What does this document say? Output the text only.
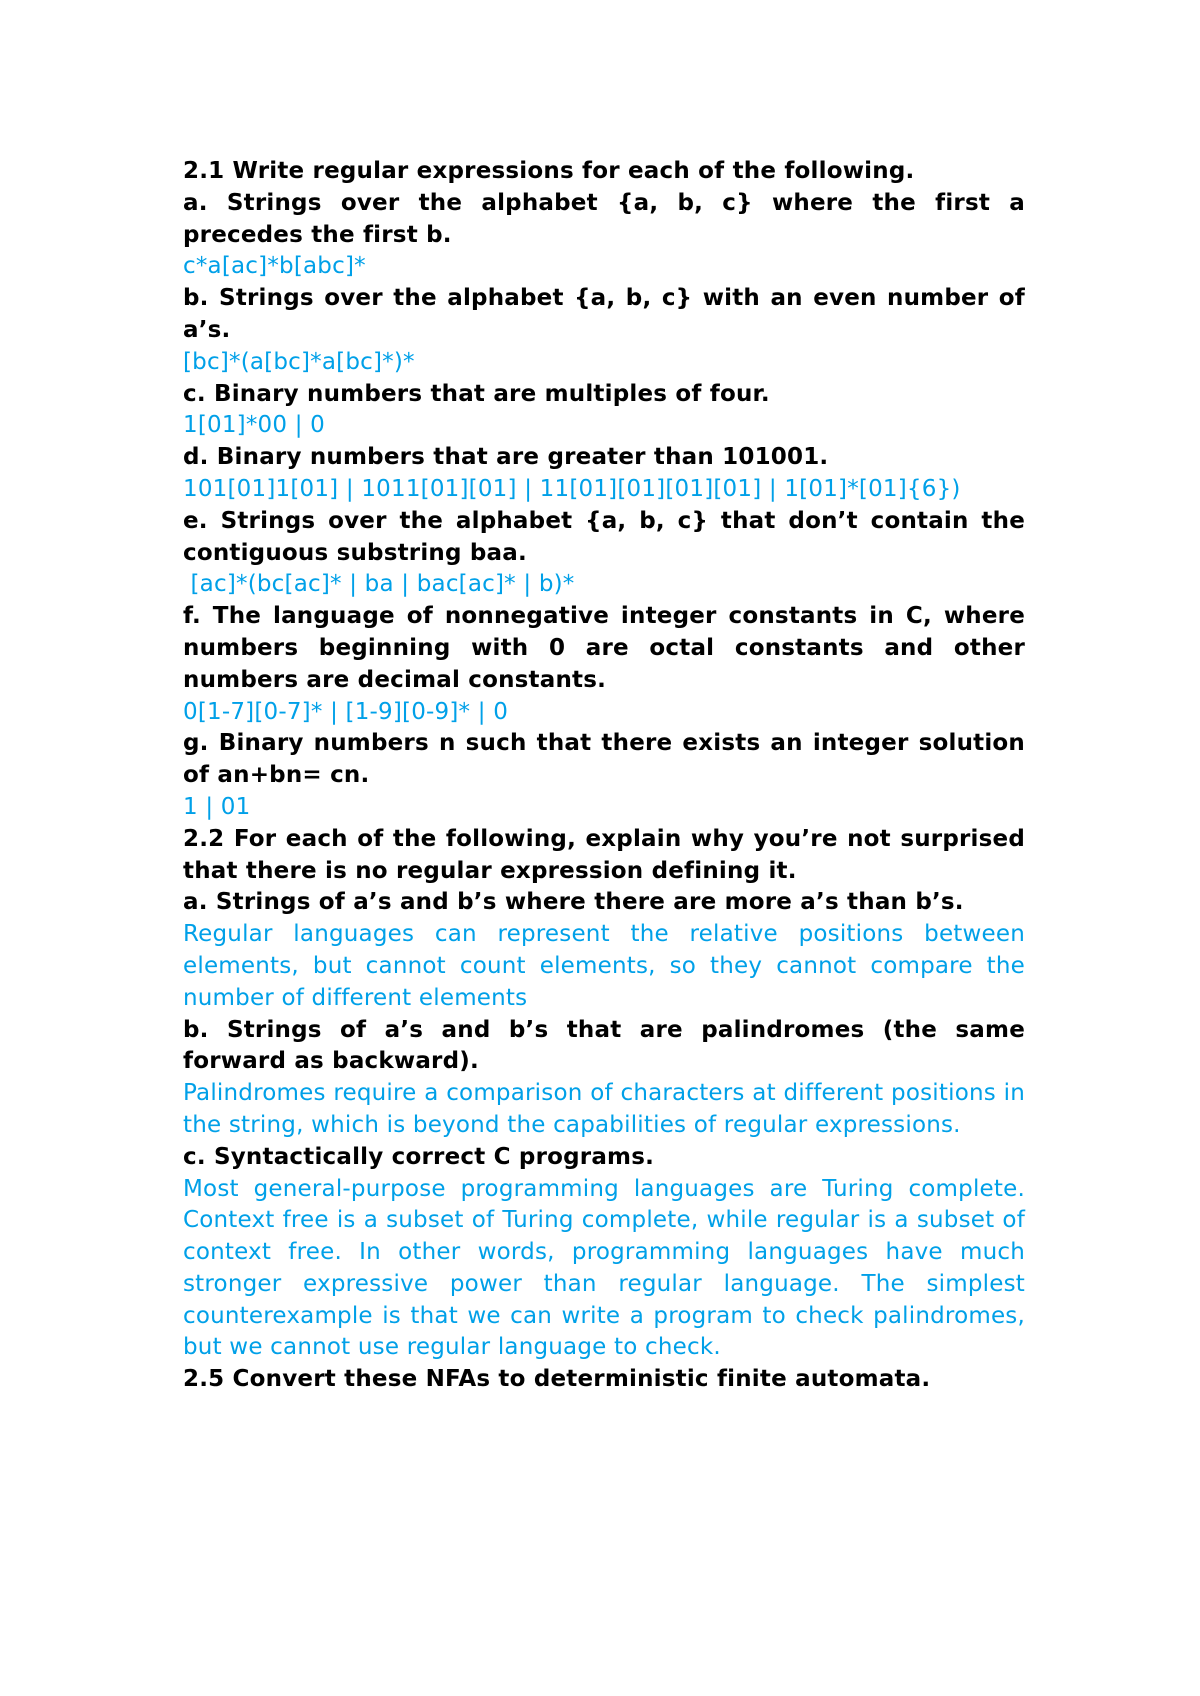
2.1 Write regular expressions for each of the following.

a. Strings over the alphabet {a, b, c} where the first a precedes the first b.

c*a[ac]*b[abc]*

b. Strings over the alphabet {a, b, c} with an even number of a’s.

[bc]*(a[bc]*a[bc]*)*

c. Binary numbers that are multiples of four.

1[01]*00 | 0

d. Binary numbers that are greater than 101001.

101[01]1[01] | 1011[01][01] | 11[01][01][01][01] | 1[01]*[01]{6})

e. Strings over the alphabet {a, b, c} that don’t contain the contiguous substring baa.

[ac]*(bc[ac]* | ba | bac[ac]* | b)*

f. The language of nonnegative integer constants in C, where numbers beginning with 0 are octal constants and other numbers are decimal constants.

0[1-7][0-7]* | [1-9][0-9]* | 0

g. Binary numbers n such that there exists an integer solution of an+bn= cn.

1 | 01

2.2 For each of the following, explain why you’re not surprised that there is no regular expression defining it.

a. Strings of a’s and b’s where there are more a’s than b’s.

Regular languages can represent the relative positions between elements, but cannot count elements, so they cannot compare the number of different elements

b. Strings of a’s and b’s that are palindromes (the same forward as backward).

Palindromes require a comparison of characters at different positions in the string, which is beyond the capabilities of regular expressions.

c. Syntactically correct C programs.

Most general-purpose programming languages are Turing complete. Context free is a subset of Turing complete, while regular is a subset of context free. In other words, programming languages have much stronger expressive power than regular language. The simplest counterexample is that we can write a program to check palindromes, but we cannot use regular language to check.

2.5 Convert these NFAs to deterministic finite automata.
